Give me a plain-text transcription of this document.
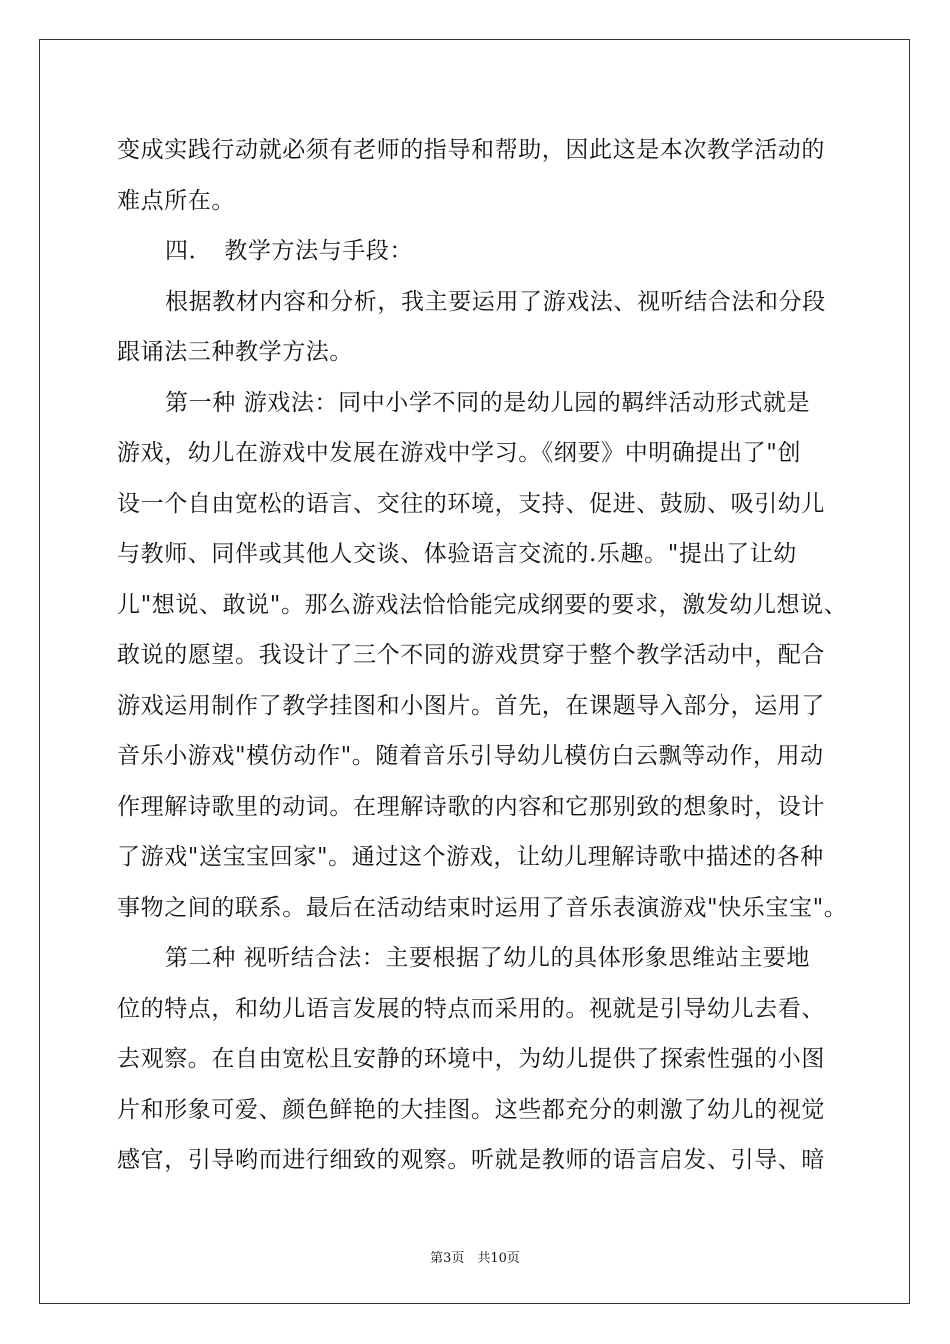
变成实践行动就必须有老师的指导和帮助，因此这是本次教学活动的
难点所在。
四．　教学方法与手段：
根据教材内容和分析，我主要运用了游戏法、视听结合法和分段
跟诵法三种教学方法。
第一种 游戏法：同中小学不同的是幼儿园的羁绊活动形式就是
游戏，幼儿在游戏中发展在游戏中学习。《纲要》中明确提出了"创
设一个自由宽松的语言、交往的环境，支持、促进、鼓励、吸引幼儿
与教师、同伴或其他人交谈、体验语言交流的.乐趣。"提出了让幼
儿"想说、敢说"。那么游戏法恰恰能完成纲要的要求，激发幼儿想说、
敢说的愿望。我设计了三个不同的游戏贯穿于整个教学活动中，配合
游戏运用制作了教学挂图和小图片。首先，在课题导入部分，运用了
音乐小游戏"模仿动作"。随着音乐引导幼儿模仿白云飘等动作，用动
作理解诗歌里的动词。在理解诗歌的内容和它那别致的想象时，设计
了游戏"送宝宝回家"。通过这个游戏，让幼儿理解诗歌中描述的各种
事物之间的联系。最后在活动结束时运用了音乐表演游戏"快乐宝宝"。
第二种 视听结合法：主要根据了幼儿的具体形象思维站主要地
位的特点，和幼儿语言发展的特点而采用的。视就是引导幼儿去看、
去观察。在自由宽松且安静的环境中，为幼儿提供了探索性强的小图
片和形象可爱、颜色鲜艳的大挂图。这些都充分的刺激了幼儿的视觉
感官，引导哟而进行细致的观察。听就是教师的语言启发、引导、暗
第3页　共10页
